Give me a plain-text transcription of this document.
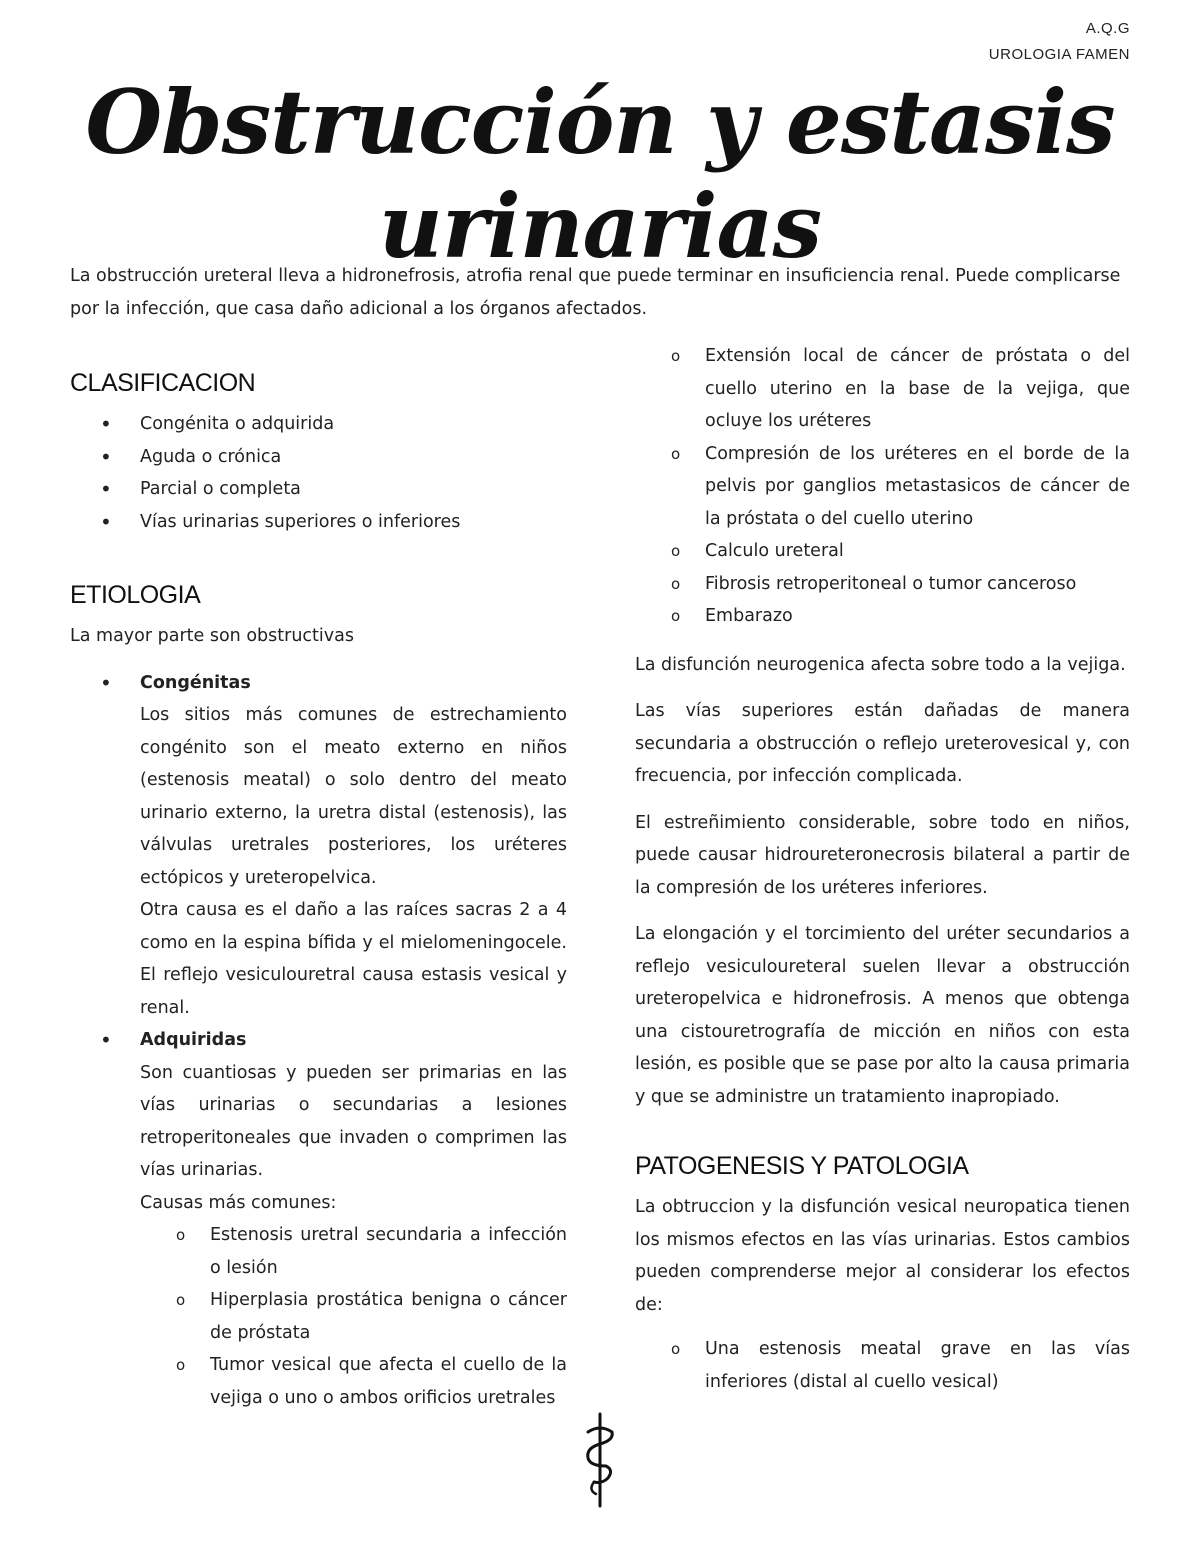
A.Q.G
UROLOGIA FAMEN
Obstrucción y estasis urinarias
La obstrucción ureteral lleva a hidronefrosis, atrofia renal que puede terminar en insuficiencia renal. Puede complicarse por la infección, que casa daño adicional a los órganos afectados.
CLASIFICACION
• Congénita o adquirida
• Aguda o crónica
• Parcial o completa
• Vías urinarias superiores o inferiores
ETIOLOGIA
La mayor parte son obstructivas
• Congénitas
Los sitios más comunes de estrechamiento congénito son el meato externo en niños (estenosis meatal) o solo dentro del meato urinario externo, la uretra distal (estenosis), las válvulas uretrales posteriores, los uréteres ectópicos y ureteropelvica.
Otra causa es el daño a las raíces sacras 2 a 4 como en la espina bífida y el mielomeningocele. El reflejo vesiculouretral causa estasis vesical y renal.
• Adquiridas
Son cuantiosas y pueden ser primarias en las vías urinarias o secundarias a lesiones retroperitoneales que invaden o comprimen las vías urinarias.
Causas más comunes:
o Estenosis uretral secundaria a infección o lesión
o Hiperplasia prostática benigna o cáncer de próstata
o Tumor vesical que afecta el cuello de la vejiga o uno o ambos orificios uretrales
o Extensión local de cáncer de próstata o del cuello uterino en la base de la vejiga, que ocluye los uréteres
o Compresión de los uréteres en el borde de la pelvis por ganglios metastasicos de cáncer de la próstata o del cuello uterino
o Calculo ureteral
o Fibrosis retroperitoneal o tumor canceroso
o Embarazo

La disfunción neurogenica afecta sobre todo a la vejiga.

Las vías superiores están dañadas de manera secundaria a obstrucción o reflejo ureterovesical y, con frecuencia, por infección complicada.

El estreñimiento considerable, sobre todo en niños, puede causar hidroureteronecrosis bilateral a partir de la compresión de los uréteres inferiores.

La elongación y el torcimiento del uréter secundarios a reflejo vesiculoureteral suelen llevar a obstrucción ureteropelvica e hidronefrosis. A menos que obtenga una cistouretrografía de micción en niños con esta lesión, es posible que se pase por alto la causa primaria y que se administre un tratamiento inapropiado.

PATOGENESIS Y PATOLOGIA
La obtruccion y la disfunción vesical neuropatica tienen los mismos efectos en las vías urinarias. Estos cambios pueden comprenderse mejor al considerar los efectos de:
o Una estenosis meatal grave en las vías inferiores (distal al cuello vesical)
